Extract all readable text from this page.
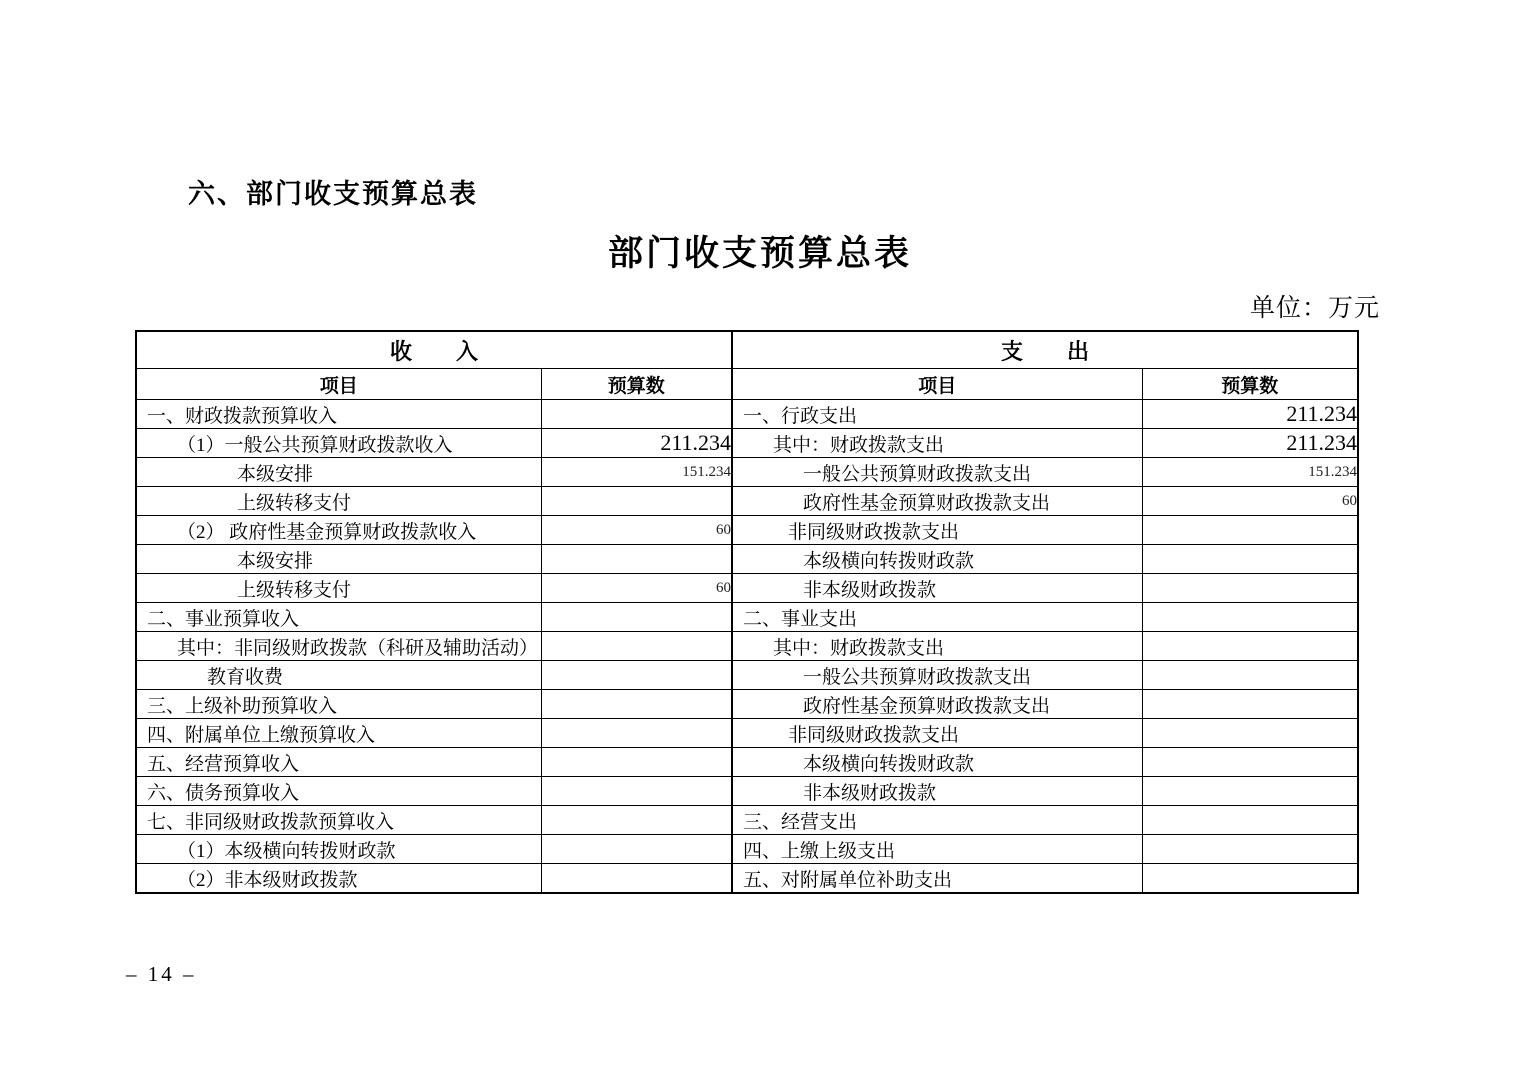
六、部门收支预算总表
部门收支预算总表
单位：万元
收　　入		支　　出	
项目	预算数	项目	预算数
一、财政拨款预算收入		一、行政支出	211.234
（1）一般公共预算财政拨款收入	211.234	其中：财政拨款支出	211.234
本级安排	151.234	一般公共预算财政拨款支出	151.234
上级转移支付		政府性基金预算财政拨款支出	60
（2） 政府性基金预算财政拨款收入	60	非同级财政拨款支出	
本级安排		本级横向转拨财政款	
上级转移支付	60	非本级财政拨款	
二、事业预算收入		二、事业支出	
其中：非同级财政拨款（科研及辅助活动）		其中：财政拨款支出	
教育收费		一般公共预算财政拨款支出	
三、上级补助预算收入		政府性基金预算财政拨款支出	
四、附属单位上缴预算收入		非同级财政拨款支出	
五、经营预算收入		本级横向转拨财政款	
六、债务预算收入		非本级财政拨款	
七、非同级财政拨款预算收入		三、经营支出	
（1）本级横向转拨财政款		四、上缴上级支出	
（2）非本级财政拨款		五、对附属单位补助支出	
– 14 –
